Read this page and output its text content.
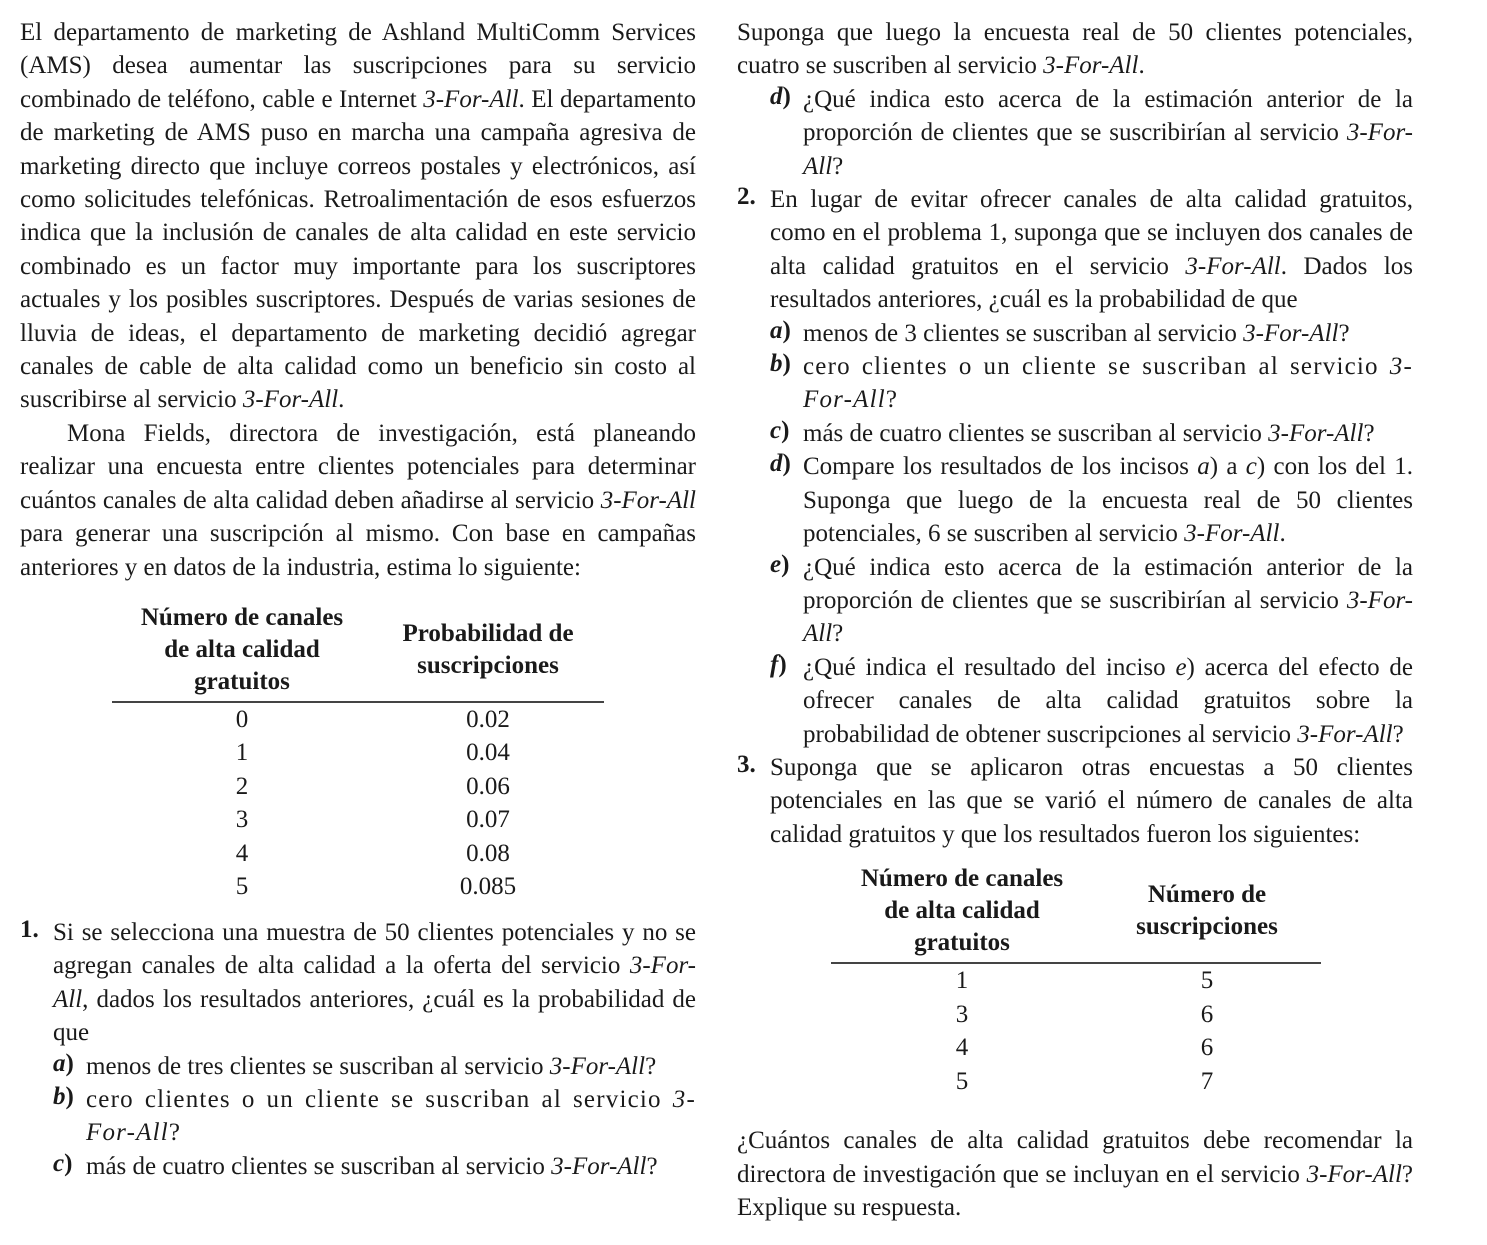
El departamento de marketing de Ashland MultiComm Services (AMS) desea aumentar las suscripciones para su servicio combinado de teléfono, cable e Internet 3-For-All. El departamento de marketing de AMS puso en marcha una campaña agresiva de marketing directo que incluye correos postales y electrónicos, así como solicitudes telefónicas. Retroalimentación de esos esfuerzos indica que la inclusión de canales de alta calidad en este servicio combinado es un factor muy importante para los suscriptores actuales y los posibles suscriptores. Después de varias sesiones de lluvia de ideas, el departamento de marketing decidió agregar canales de cable de alta calidad como un beneficio sin costo al suscribirse al servicio 3-For-All.

Mona Fields, directora de investigación, está planeando realizar una encuesta entre clientes potenciales para determinar cuántos canales de alta calidad deben añadirse al servicio 3-For-All para generar una suscripción al mismo. Con base en campañas anteriores y en datos de la industria, estima lo siguiente:

Número de canales
de alta calidad gratuitos	Probabilidad de
suscripciones
0	0.02
1	0.04
2	0.06
3	0.07
4	0.08
5	0.085
1. Si se selecciona una muestra de 50 clientes potenciales y no se agregan canales de alta calidad a la oferta del servicio 3-For-All, dados los resultados anteriores, ¿cuál es la probabilidad de que

a) menos de tres clientes se suscriban al servicio 3-For-All?

b) cero clientes o un cliente se suscriban al servicio 3-For-All?

c) más de cuatro clientes se suscriban al servicio 3-For-All?

Suponga que luego la encuesta real de 50 clientes potenciales, cuatro se suscriben al servicio 3-For-All.

d) ¿Qué indica esto acerca de la estimación anterior de la proporción de clientes que se suscribirían al servicio 3-For-All?

2. En lugar de evitar ofrecer canales de alta calidad gratuitos, como en el problema 1, suponga que se incluyen dos canales de alta calidad gratuitos en el servicio 3-For-All. Dados los resultados anteriores, ¿cuál es la probabilidad de que

a) menos de 3 clientes se suscriban al servicio 3-For-All?

b) cero clientes o un cliente se suscriban al servicio 3-For-All?

c) más de cuatro clientes se suscriban al servicio 3-For-All?

d) Compare los resultados de los incisos a) a c) con los del 1. Suponga que luego de la encuesta real de 50 clientes potenciales, 6 se suscriben al servicio 3-For-All.

e) ¿Qué indica esto acerca de la estimación anterior de la proporción de clientes que se suscribirían al servicio 3-For-All?

f) ¿Qué indica el resultado del inciso e) acerca del efecto de ofrecer canales de alta calidad gratuitos sobre la probabilidad de obtener suscripciones al servicio 3-For-All?

3. Suponga que se aplicaron otras encuestas a 50 clientes potenciales en las que se varió el número de canales de alta calidad gratuitos y que los resultados fueron los siguientes:

Número de canales
de alta calidad gratuitos	Número de
suscripciones
1	5
3	6
4	6
5	7

¿Cuántos canales de alta calidad gratuitos debe recomendar la directora de investigación que se incluyan en el servicio 3-For-All? Explique su respuesta.
